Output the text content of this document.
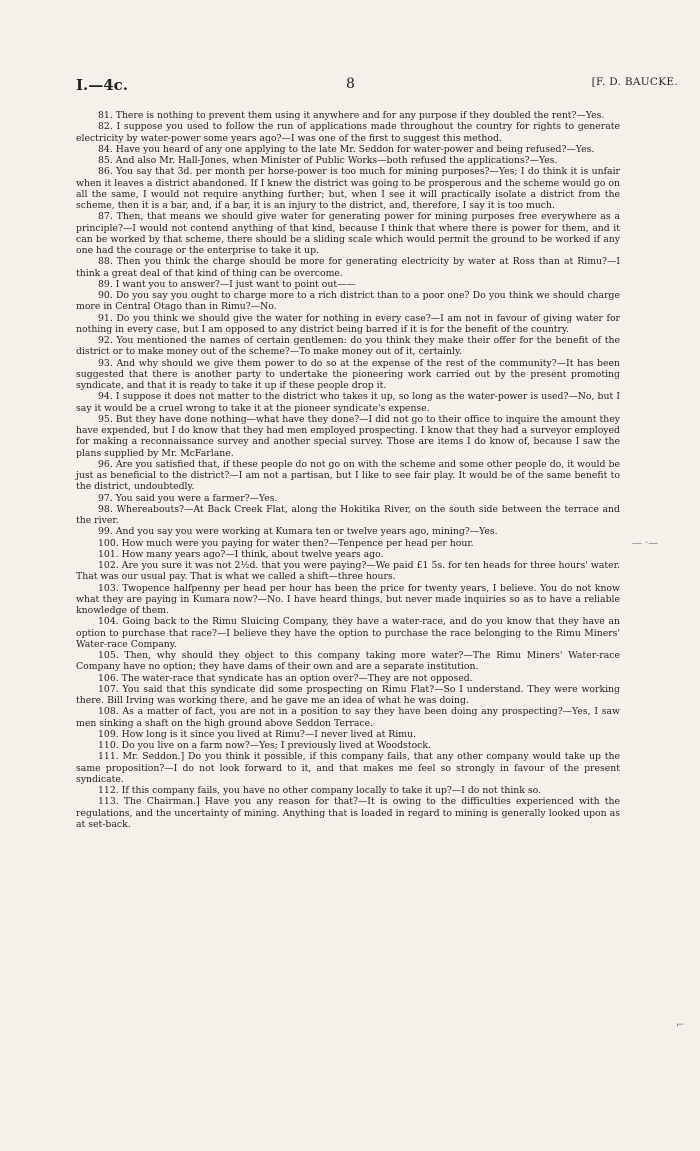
I.—4c.	8	[F. D. BAUCKE.

81. There is nothing to prevent them using it anywhere and for any purpose if they doubled the rent?—Yes.

82. I suppose you used to follow the run of applications made throughout the country for rights to generate electricity by water-power some years ago?—I was one of the first to suggest this method.

84. Have you heard of any one applying to the late Mr. Seddon for water-power and being refused?—Yes.

85. And also Mr. Hall-Jones, when Minister of Public Works—both refused the applications?—Yes.

86. You say that 3d. per month per horse-power is too much for mining purposes?—Yes; I do think it is unfair when it leaves a district abandoned. If I knew the district was going to be prosperous and the scheme would go on all the same, I would not require anything further; but, when I see it will practically isolate a district from the scheme, then it is a bar, and, if a bar, it is an injury to the district, and, therefore, I say it is too much.

87. Then, that means we should give water for generating power for mining purposes free everywhere as a principle?—I would not contend anything of that kind, because I think that where there is power for them, and it can be worked by that scheme, there should be a sliding scale which would permit the ground to be worked if any one had the courage or the enterprise to take it up.

88. Then you think the charge should be more for generating electricity by water at Ross than at Rimu?—I think a great deal of that kind of thing can be overcome.

89. I want you to answer?—I just want to point out——

90. Do you say you ought to charge more to a rich district than to a poor one? Do you think we should charge more in Central Otago than in Rimu?—No.

91. Do you think we should give the water for nothing in every case?—I am not in favour of giving water for nothing in every case, but I am opposed to any district being barred if it is for the benefit of the country.

92. You mentioned the names of certain gentlemen: do you think they make their offer for the benefit of the district or to make money out of the scheme?—To make money out of it, certainly.

93. And why should we give them power to do so at the expense of the rest of the community?—It has been suggested that there is another party to undertake the pioneering work carried out by the present promoting syndicate, and that it is ready to take it up if these people drop it.

94. I suppose it does not matter to the district who takes it up, so long as the water-power is used?—No, but I say it would be a cruel wrong to take it at the pioneer syndicate's expense.

95. But they have done nothing—what have they done?—I did not go to their office to inquire the amount they have expended, but I do know that they had men employed prospecting. I know that they had a surveyor employed for making a reconnaissance survey and another special survey. Those are items I do know of, because I saw the plans supplied by Mr. McFarlane.

96. Are you satisfied that, if these people do not go on with the scheme and some other people do, it would be just as beneficial to the district?—I am not a partisan, but I like to see fair play. It would be of the same benefit to the district, undoubtedly.

97. You said you were a farmer?—Yes.

98. Whereabouts?—At Back Creek Flat, along the Hokitika River, on the south side between the terrace and the river.

99. And you say you were working at Kumara ten or twelve years ago, mining?—Yes.

100. How much were you paying for water then?—Tenpence per head per hour.

101. How many years ago?—I think, about twelve years ago.

102. Are you sure it was not 2½d. that you were paying?—We paid £1 5s. for ten heads for three hours' water. That was our usual pay. That is what we called a shift—three hours.

103. Twopence halfpenny per head per hour has been the price for twenty years, I believe. You do not know what they are paying in Kumara now?—No. I have heard things, but never made inquiries so as to have a reliable knowledge of them.

104. Going back to the Rimu Sluicing Company, they have a water-race, and do you know that they have an option to purchase that race?—I believe they have the option to purchase the race belonging to the Rimu Miners' Water-race Company.

105. Then, why should they object to this company taking more water?—The Rimu Miners' Water-race Company have no option; they have dams of their own and are a separate institution.

106. The water-race that syndicate has an option over?—They are not opposed.

107. You said that this syndicate did some prospecting on Rimu Flat?—So I understand. They were working there. Bill Irving was working there, and he gave me an idea of what he was doing.

108. As a matter of fact, you are not in a position to say they have been doing any prospecting?—Yes, I saw men sinking a shaft on the high ground above Seddon Terrace.

109. How long is it since you lived at Rimu?—I never lived at Rimu.

110. Do you live on a farm now?—Yes; I previously lived at Woodstock.

111. Mr. Seddon.] Do you think it possible, if this company fails, that any other company would take up the same proposition?—I do not look forward to it, and that makes me feel so strongly in favour of the present syndicate.

112. If this company fails, you have no other company locally to take it up?—I do not think so.

113. The Chairman.] Have you any reason for that?—It is owing to the difficulties experienced with the regulations, and the uncertainty of mining. Anything that is loaded in regard to mining is generally looked upon as at set-back.

— ·—
⌐
